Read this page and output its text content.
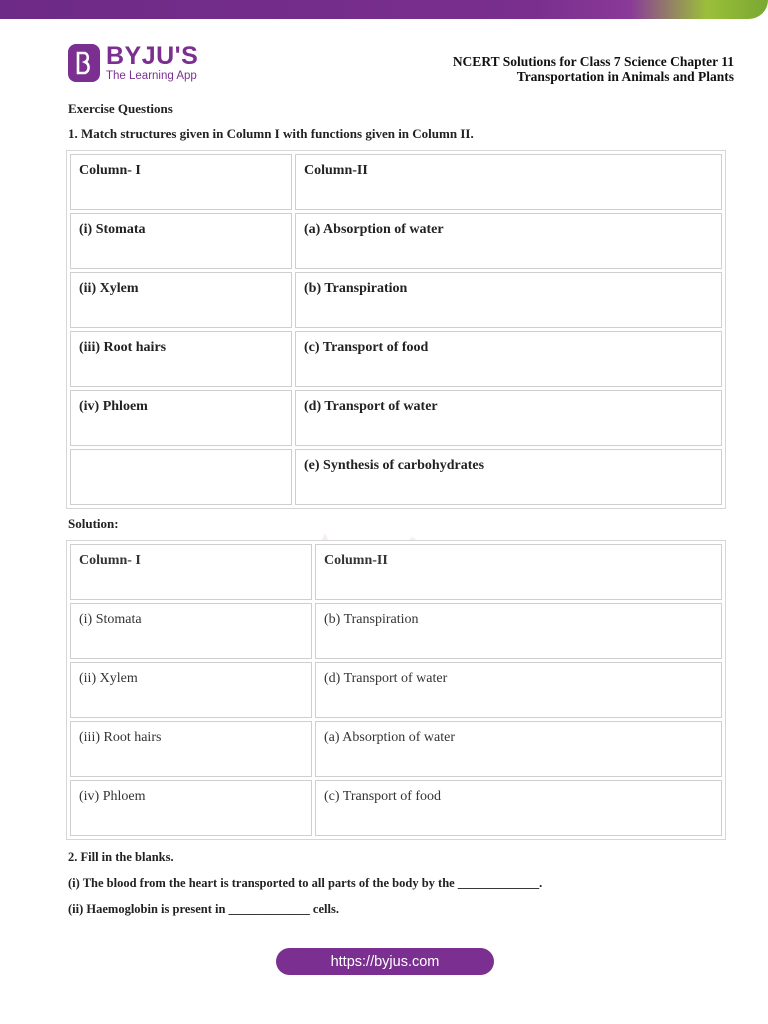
BYJU'S
The Learning App
NCERT Solutions for Class 7 Science Chapter 11
Transportation in Animals and Plants
Exercise Questions
1. Match structures given in Column I with functions given in Column II.
Column- I	Column-II
(i) Stomata	(a) Absorption of water
(ii) Xylem	(b) Transpiration
(iii) Root hairs	(c) Transport of food
(iv) Phloem	(d) Transport of water
	(e) Synthesis of carbohydrates
Solution:
Column- I	Column-II
(i) Stomata	(b) Transpiration
(ii) Xylem	(d) Transport of water
(iii) Root hairs	(a) Absorption of water
(iv) Phloem	(c) Transport of food
2. Fill in the blanks.
(i) The blood from the heart is transported to all parts of the body by the _____________.
(ii) Haemoglobin is present in _____________ cells.
https://byjus.com
